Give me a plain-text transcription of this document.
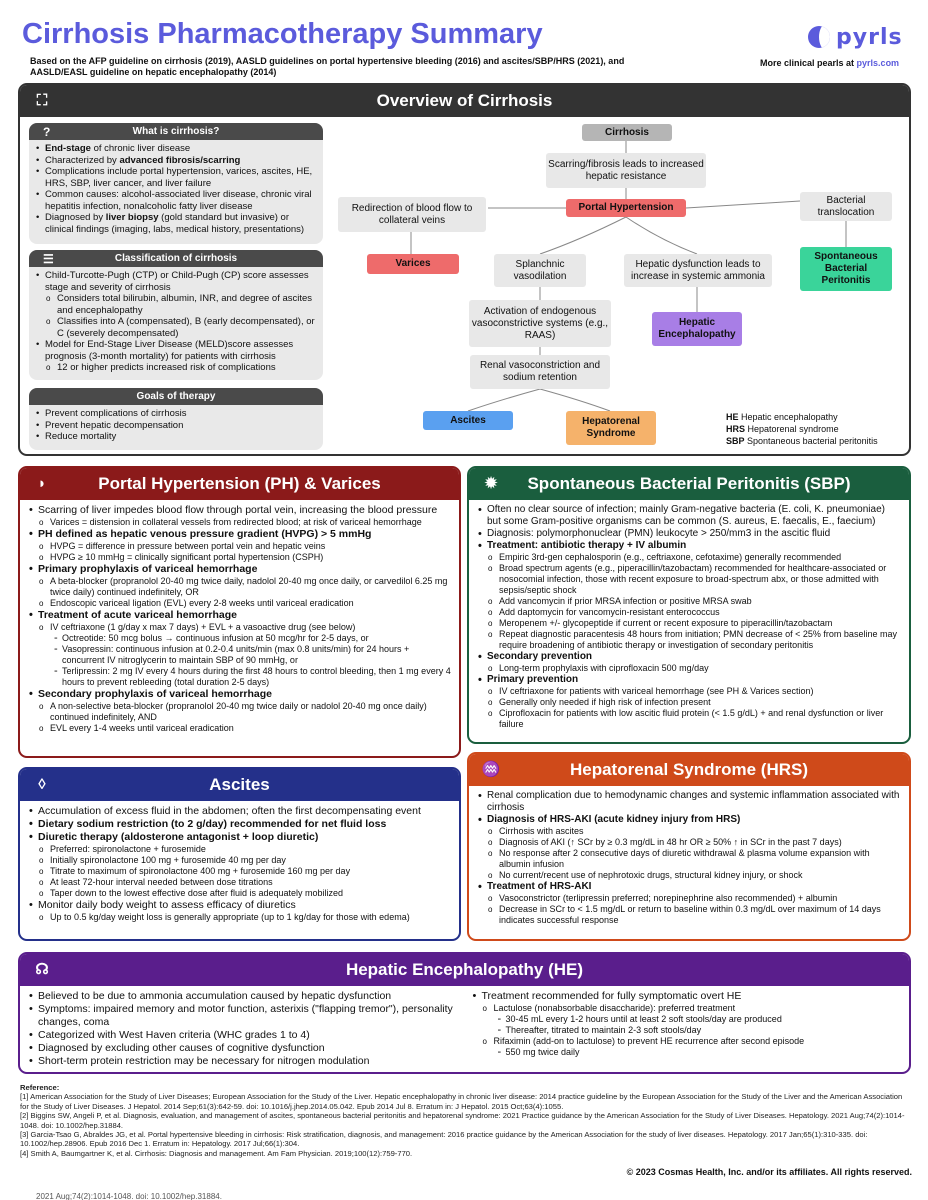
Cirrhosis Pharmacotherapy Summary
Based on the AFP guideline on cirrhosis (2019), AASLD guidelines on portal hypertensive bleeding (2016) and ascites/SBP/HRS (2021), and AASLD/EASL guideline on hepatic encephalopathy (2014)
pyrls
More clinical pearls at pyrls.com
⛶	Overview of Cirrhosis
?	What is cirrhosis?
• End-stage of chronic liver disease
• Characterized by advanced fibrosis/scarring
• Complications include portal hypertension, varices, ascites, HE, HRS, SBP, liver cancer, and liver failure
• Common causes: alcohol-associated liver disease, chronic viral hepatitis infection, nonalcoholic fatty liver disease
• Diagnosed by liver biopsy (gold standard but invasive) or clinical findings (imaging, labs, medical history, presentations)
☰	Classification of cirrhosis
• Child-Turcotte-Pugh (CTP) or Child-Pugh (CP) score assesses stage and severity of cirrhosis
o Considers total bilirubin, albumin, INR, and degree of ascites and encephalopathy
o Classifies into A (compensated), B (early decompensated), or C (severely decompensated)
• Model for End-Stage Liver Disease (MELD)score assesses prognosis (3-month mortality) for patients with cirrhosis
o 12 or higher predicts increased risk of complications
Goals of therapy
• Prevent complications of cirrhosis
• Prevent hepatic decompensation
• Reduce mortality
Cirrhosis
Scarring/fibrosis leads to increased hepatic resistance
Portal Hypertension
Redirection of blood flow to collateral veins
Varices
Bacterial translocation
Spontaneous Bacterial Peritonitis
Splanchnic vasodilation
Hepatic dysfunction leads to increase in systemic ammonia
Hepatic Encephalopathy
Activation of endogenous vasoconstrictive systems (e.g., RAAS)
Renal vasoconstriction and sodium retention
Ascites	Hepatorenal Syndrome
HE Hepatic encephalopathy
HRS Hepatorenal syndrome
SBP Spontaneous bacterial peritonitis
◗	Portal Hypertension (PH) & Varices
• Scarring of liver impedes blood flow through portal vein, increasing the blood pressure
o Varices = distension in collateral vessels from redirected blood; at risk of variceal hemorrhage
• PH defined as hepatic venous pressure gradient (HVPG) > 5 mmHg
o HVPG = difference in pressure between portal vein and hepatic veins
o HVPG ≥ 10 mmHg = clinically significant portal hypertension (CSPH)
• Primary prophylaxis of variceal hemorrhage
o A beta-blocker (propranolol 20-40 mg twice daily, nadolol 20-40 mg once daily, or carvedilol 6.25 mg twice daily) continued indefinitely, OR
o Endoscopic variceal ligation (EVL) every 2-8 weeks until variceal eradication
• Treatment of acute variceal hemorrhage
o IV ceftriaxone (1 g/day x max 7 days) + EVL + a vasoactive drug (see below)
- Octreotide: 50 mcg bolus → continuous infusion at 50 mcg/hr for 2-5 days, or
- Vasopressin: continuous infusion at 0.2-0.4 units/min (max 0.8 units/min) for 24 hours + concurrent IV nitroglycerin to maintain SBP of 90 mmHg, or
- Terlipressin: 2 mg IV every 4 hours during the first 48 hours to control bleeding, then 1 mg every 4 hours to prevent rebleeding (total duration 2-5 days)
• Secondary prophylaxis of variceal hemorrhage
o A non-selective beta-blocker (propranolol 20-40 mg twice daily or nadolol 20-40 mg once daily) continued indefinitely, AND
o EVL every 1-4 weeks until variceal eradication
✹ Spontaneous Bacterial Peritonitis (SBP)
• Often no clear source of infection; mainly Gram-negative bacteria (E. coli, K. pneumoniae) but some Gram-positive organisms can be common (S. aureus, E. faecalis, E., faecium)
• Diagnosis: polymorphonuclear (PMN) leukocyte > 250/mm3 in the ascitic fluid
• Treatment: antibiotic therapy + IV albumin
o Empiric 3rd-gen cephalosporin (e.g., ceftriaxone, cefotaxime) generally recommended
o Broad spectrum agents (e.g., piperacillin/tazobactam) recommended for healthcare-associated or nosocomial infection, those with recent exposure to broad-spectrum abx, or those admitted with sepsis/septic shock
o Add vancomycin if prior MRSA infection or positive MRSA swab
o Add daptomycin for vancomycin-resistant enterococcus
o Meropenem +/- glycopeptide if current or recent exposure to piperacillin/tazobactam
o Repeat diagnostic paracentesis 48 hours from initiation; PMN decrease of < 25% from baseline may require broadening of antibiotic therapy or investigation of secondary peritonitis
• Secondary prevention
o Long-term prophylaxis with ciprofloxacin 500 mg/day
• Primary prevention
o IV ceftriaxone for patients with variceal hemorrhage (see PH & Varices section)
o Generally only needed if high risk of infection present
o Ciprofloxacin for patients with low ascitic fluid protein (< 1.5 g/dL) + and renal dysfunction or liver failure
◊	Ascites
• Accumulation of excess fluid in the abdomen; often the first decompensating event
• Dietary sodium restriction (to 2 g/day) recommended for net fluid loss
• Diuretic therapy (aldosterone antagonist + loop diuretic)
o Preferred: spironolactone + furosemide
o Initially spironolactone 100 mg + furosemide 40 mg per day
o Titrate to maximum of spironolactone 400 mg + furosemide 160 mg per day
o At least 72-hour interval needed between dose titrations
o Taper down to the lowest effective dose after fluid is adequately mobilized
• Monitor daily body weight to assess efficacy of diuretics
o Up to 0.5 kg/day weight loss is generally appropriate (up to 1 kg/day for those with edema)
♒	Hepatorenal Syndrome (HRS)
• Renal complication due to hemodynamic changes and systemic inflammation associated with cirrhosis
• Diagnosis of HRS-AKI (acute kidney injury from HRS)
o Cirrhosis with ascites
o Diagnosis of AKI (↑ SCr by ≥ 0.3 mg/dL in 48 hr OR ≥ 50% ↑ in SCr in the past 7 days)
o No response after 2 consecutive days of diuretic withdrawal & plasma volume expansion with albumin infusion
o No current/recent use of nephrotoxic drugs, structural kidney injury, or shock
• Treatment of HRS-AKI
o Vasoconstrictor (terlipressin preferred; norepinephrine also recommended) + albumin
o Decrease in SCr to < 1.5 mg/dL or return to baseline within 0.3 mg/dL over maximum of 14 days indicates successful response
☊	Hepatic Encephalopathy (HE)
• Believed to be due to ammonia accumulation caused by hepatic dysfunction
• Symptoms: impaired memory and motor function, asterixis ("flapping tremor"), personality changes, coma
• Categorized with West Haven criteria (WHC grades 1 to 4)
• Diagnosed by excluding other causes of cognitive dysfunction
• Short-term protein restriction may be necessary for nitrogen modulation
• Treatment recommended for fully symptomatic overt HE
o Lactulose (nonabsorbable disaccharide): preferred treatment
- 30-45 mL every 1-2 hours until at least 2 soft stools/day are produced
- Thereafter, titrated to maintain 2-3 soft stools/day
o Rifaximin (add-on to lactulose) to prevent HE recurrence after second episode
- 550 mg twice daily
Reference:
[1] American Association for the Study of Liver Diseases; European Association for the Study of the Liver. Hepatic encephalopathy in chronic liver disease: 2014 practice guideline by the European Association for the Study of the Liver and the American Association for the Study of Liver Diseases. J Hepatol. 2014 Sep;61(3):642-59. doi: 10.1016/j.jhep.2014.05.042. Epub 2014 Jul 8. Erratum in: J Hepatol. 2015 Oct;63(4):1055.
[2] Biggins SW, Angeli P, et al. Diagnosis, evaluation, and management of ascites, spontaneous bacterial peritonitis and hepatorenal syndrome: 2021 Practice guidance by the American Association for the Study of Liver Diseases. Hepatology. 2021 Aug;74(2):1014-1048. doi: 10.1002/hep.31884.
[3] Garcia-Tsao G, Abraldes JG, et al. Portal hypertensive bleeding in cirrhosis: Risk stratification, diagnosis, and management: 2016 practice guidance by the American Association for the study of liver diseases. Hepatology. 2017 Jan;65(1):310-335. doi: 10.1002/hep.28906. Epub 2016 Dec 1. Erratum in: Hepatology. 2017 Jul;66(1):304.
[4] Smith A, Baumgartner K, et al. Cirrhosis: Diagnosis and management. Am Fam Physician. 2019;100(12):759-770.
© 2023 Cosmas Health, Inc. and/or its affiliates. All rights reserved.
2021 Aug;74(2):1014-1048. doi: 10.1002/hep.31884.
